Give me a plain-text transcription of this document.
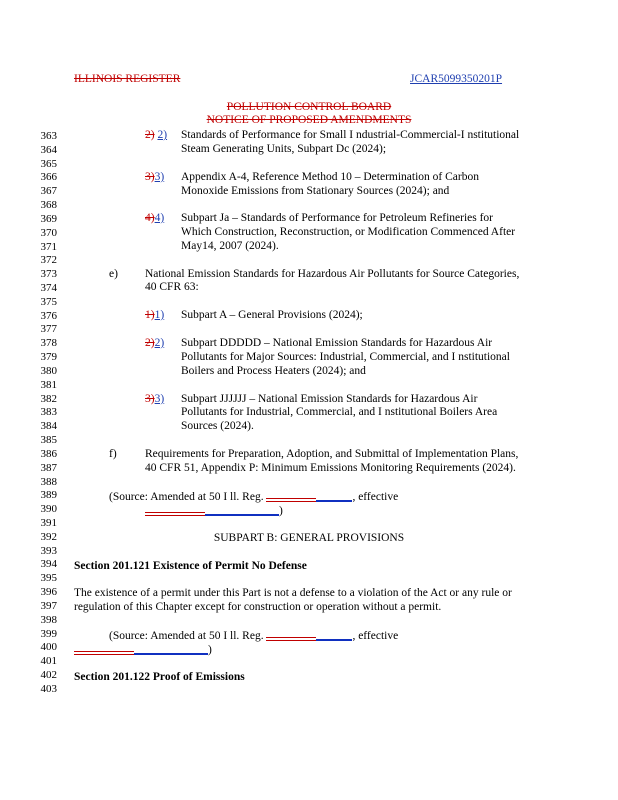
ILLINOIS REGISTER	JCAR5099350201P
POLLUTION CONTROL BOARD
NOTICE OF PROPOSED AMENDMENTS
363
364
365
366
367
368
369
370
371
372
373
374
375
376
377
378
379
380
381
382
383
384
385
386
387
388
389
390
391
392
393
394
395
396
397
398
399
400
401
402
403
2) 2) Standards of Performance for Small I ndustrial-Commercial-I nstitutional
Steam Generating Units, Subpart Dc (2024);
3)3) Appendix A-4, Reference Method 10 – Determination of Carbon
Monoxide Emissions from Stationary Sources (2024); and
4)4) Subpart Ja – Standards of Performance for Petroleum Refineries for
Which Construction, Reconstruction, or Modification Commenced After
May14, 2007 (2024).
e) National Emission Standards for Hazardous Air Pollutants for Source Categories,
40 CFR 63:
1)1) Subpart A – General Provisions (2024);
2)2) Subpart DDDDD – National Emission Standards for Hazardous Air
Pollutants for Major Sources: Industrial, Commercial, and I nstitutional
Boilers and Process Heaters (2024); and
3)3) Subpart JJJJJJ – National Emission Standards for Hazardous Air
Pollutants for Industrial, Commercial, and I nstitutional Boilers Area
Sources (2024).
f) Requirements for Preparation, Adoption, and Submittal of Implementation Plans,
40 CFR 51, Appendix P: Minimum Emissions Monitoring Requirements (2024).
(Source: Amended at 50 I ll. Reg.	, effective
)
SUBPART B: GENERAL PROVISIONS
Section 201.121 Existence of Permit No Defense
The existence of a permit under this Part is not a defense to a violation of the Act or any rule or
regulation of this Chapter except for construction or operation without a permit.
(Source: Amended at 50 I ll. Reg.	, effective
)
Section 201.122 Proof of Emissions
